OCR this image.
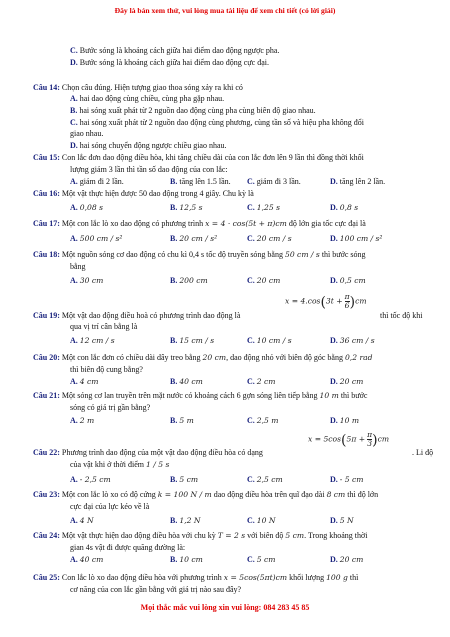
Đây là bản xem thử, vui lòng mua tài liệu để xem chi tiết (có lời giải)
C. Bước sóng là khoảng cách giữa hai điểm dao động ngược pha.
D. Bước sóng là khoảng cách giữa hai điểm dao động cực đại.
Câu 14: Chọn câu đúng. Hiện tượng giao thoa sóng xảy ra khi có
A. hai dao động cùng chiều, cùng pha gặp nhau.
B. hai sóng xuất phát từ 2 nguồn dao động cùng pha cùng biên độ giao nhau.
C. hai sóng xuất phát từ 2 nguồn dao động cùng phương, cùng tần số và hiệu pha không đổi
giao nhau.
D. hai sóng chuyển động ngược chiều giao nhau.
Câu 15: Con lắc đơn dao động điều hòa, khi tăng chiều dài của con lắc đơn lên 9 lần thì đồng thời khối
lượng giảm 3 lần thì tần số dao động của con lắc:
A. giảm đi 2 lần.	B. tăng lên 1.5 lần. C. giảm đi 3 lần.	D. tăng lên 2 lần.
Câu 16: Một vật thực hiện được 50 dao động trong 4 giây. Chu kỳ là
A. 0,08 s	B. 12,5 s	C. 1,25 s	D. 0,8 s
Câu 17: Một con lắc lò xo dao động có phương trình x = 4 · cos(5t + π)cm độ lớn gia tốc cực đại là
A. 500 cm / s²	B. 20 cm / s²	C. 20 cm / s	D. 100 cm / s²
Câu 18: Một nguồn sóng cơ dao động có chu kì 0,4 s tốc độ truyền sóng bằng 50 cm / s thì bước sóng
bằng
A. 30 cm	B. 200 cm	C. 20 cm	D. 0,5 cm
$x = 4.\cos(3t + \frac{\pi}{6} )cm$
Câu 19: Một vật dao động điều hoà có phương trình dao động là	thì tốc độ khi
qua vị trí cân bằng là
A. 12 cm / s	B. 15 cm / s	C. 10 cm / s	D. 36 cm / s
Câu 20: Một con lắc đơn có chiều dài dây treo bằng 20 cm, dao động nhỏ với biên độ góc bằng 0,2 rad
thì biên độ cung bằng?
A. 4 cm	B. 40 cm	C. 2 cm	D. 20 cm
Câu 21: Một sóng cơ lan truyền trên mặt nước có khoảng cách 6 gợn sóng liên tiếp bằng 10 m thì bước
sóng có giá trị gần bằng?
A. 2 m	B. 5 m	C. 2,5 m	D. 10 m
$x = 5\cos(5\pi + \frac{\pi}{3} )cm$
Câu 22: Phương trình dao động của một vật dao động điều hòa có dạng	. Li độ
của vật khi ở thời điểm 1 / 5 s
A. - 2,5 cm	B. 5 cm	C. 2,5 cm	D. - 5 cm
Câu 23: Một con lắc lò xo có độ cứng k = 100 N / m dao động điều hòa trên quĩ đạo dài 8 cm thì độ lớn
cực đại của lực kéo về là
A. 4 N	B. 1,2 N	C. 10 N	D. 5 N
Câu 24: Một vật thực hiện dao động điều hòa với chu kỳ T = 2 s với biên độ 5 cm. Trong khoảng thời
gian 4s vật đi được quãng đường là:
A. 40 cm	B. 10 cm	C. 5 cm	D. 20 cm
Câu 25: Con lắc lò xo dao động điều hòa với phương trình x = 5cos(5πt)cm khối lượng 100 g thì
cơ năng của con lắc gần bằng với giá trị nào sau đây?
Mọi thắc mắc vui lòng xin vui lòng: 084 283 45 85
